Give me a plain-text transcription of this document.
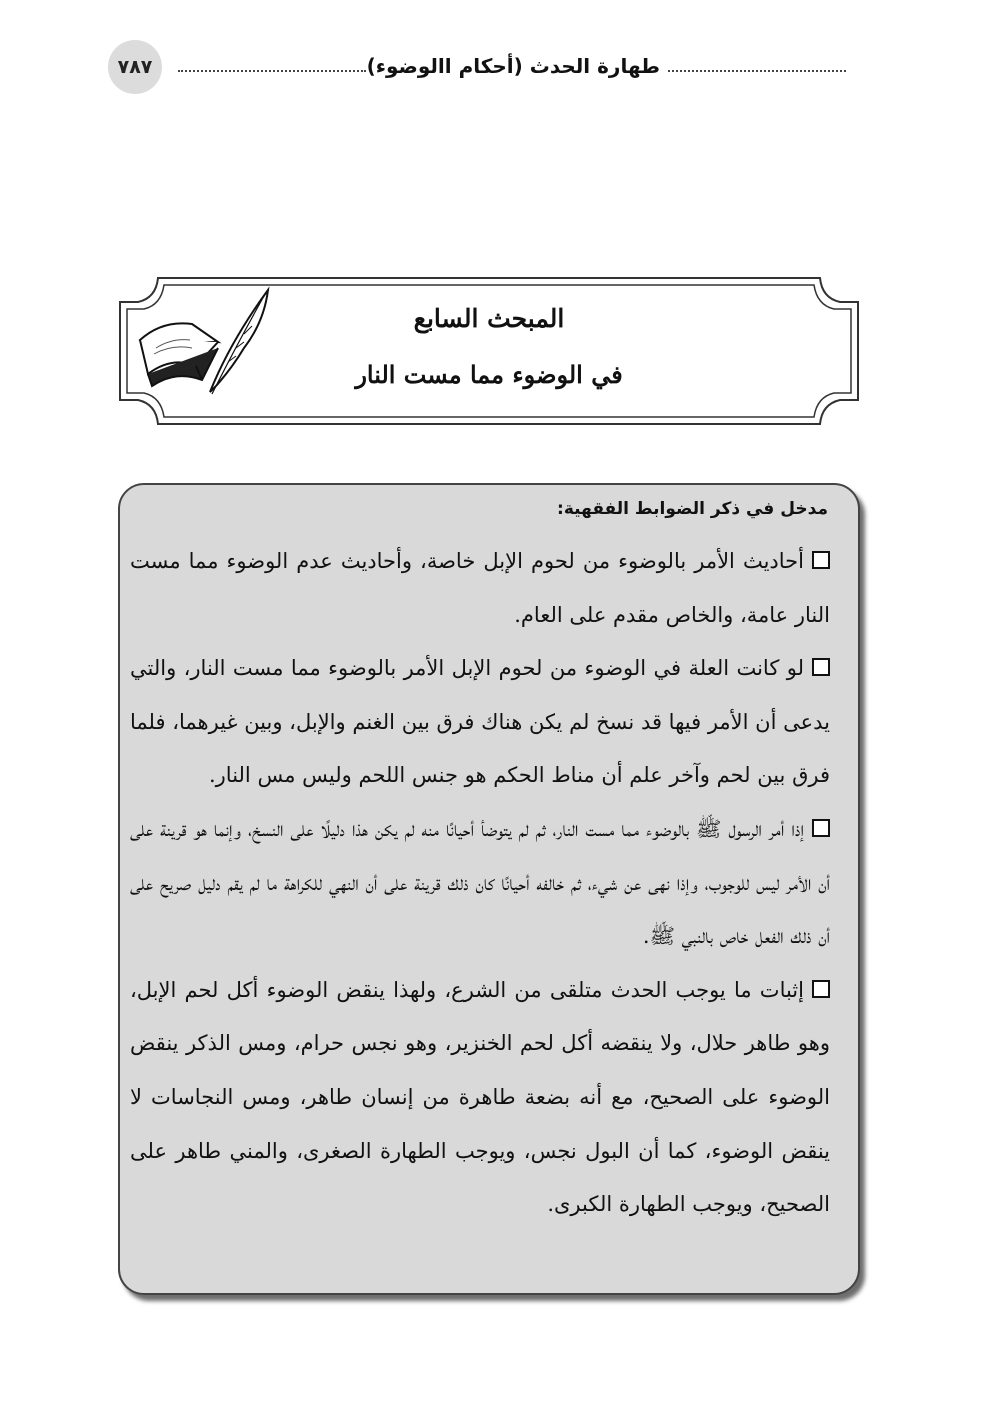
٧٨٧	طهارة الحدث (أحكام االوضوء)
المبحث السابع
في الوضوء مما مست النار
مدخل في ذكر الضوابط الفقهية:

أحاديث الأمر بالوضوء من لحوم الإبل خاصة، وأحاديث عدم الوضوء مما مست النار عامة، والخاص مقدم على العام.

لو كانت العلة في الوضوء من لحوم الإبل الأمر بالوضوء مما مست النار، والتي يدعى أن الأمر فيها قد نسخ لم يكن هناك فرق بين الغنم والإبل، وبين غيرهما، فلما فرق بين لحم وآخر علم أن مناط الحكم هو جنس اللحم وليس مس النار.

إذا أمر الرسول ﷺ بالوضوء مما مست النار، ثم لم يتوضأ أحيانًا منه لم يكن هذا دليلًا على النسخ، وإنما هو قرينة على أن الأمر ليس للوجوب، وإذا نهى عن شيء، ثم خالفه أحيانًا كان ذلك قرينة على أن النهي للكراهة ما لم يقم دليل صريح على أن ذلك الفعل خاص بالنبي ﷺ.

إثبات ما يوجب الحدث متلقى من الشرع، ولهذا ينقض الوضوء أكل لحم الإبل، وهو طاهر حلال، ولا ينقضه أكل لحم الخنزير، وهو نجس حرام، ومس الذكر ينقض الوضوء على الصحيح، مع أنه بضعة طاهرة من إنسان طاهر، ومس النجاسات لا ينقض الوضوء، كما أن البول نجس، ويوجب الطهارة الصغرى، والمني طاهر على الصحيح، ويوجب الطهارة الكبرى.
